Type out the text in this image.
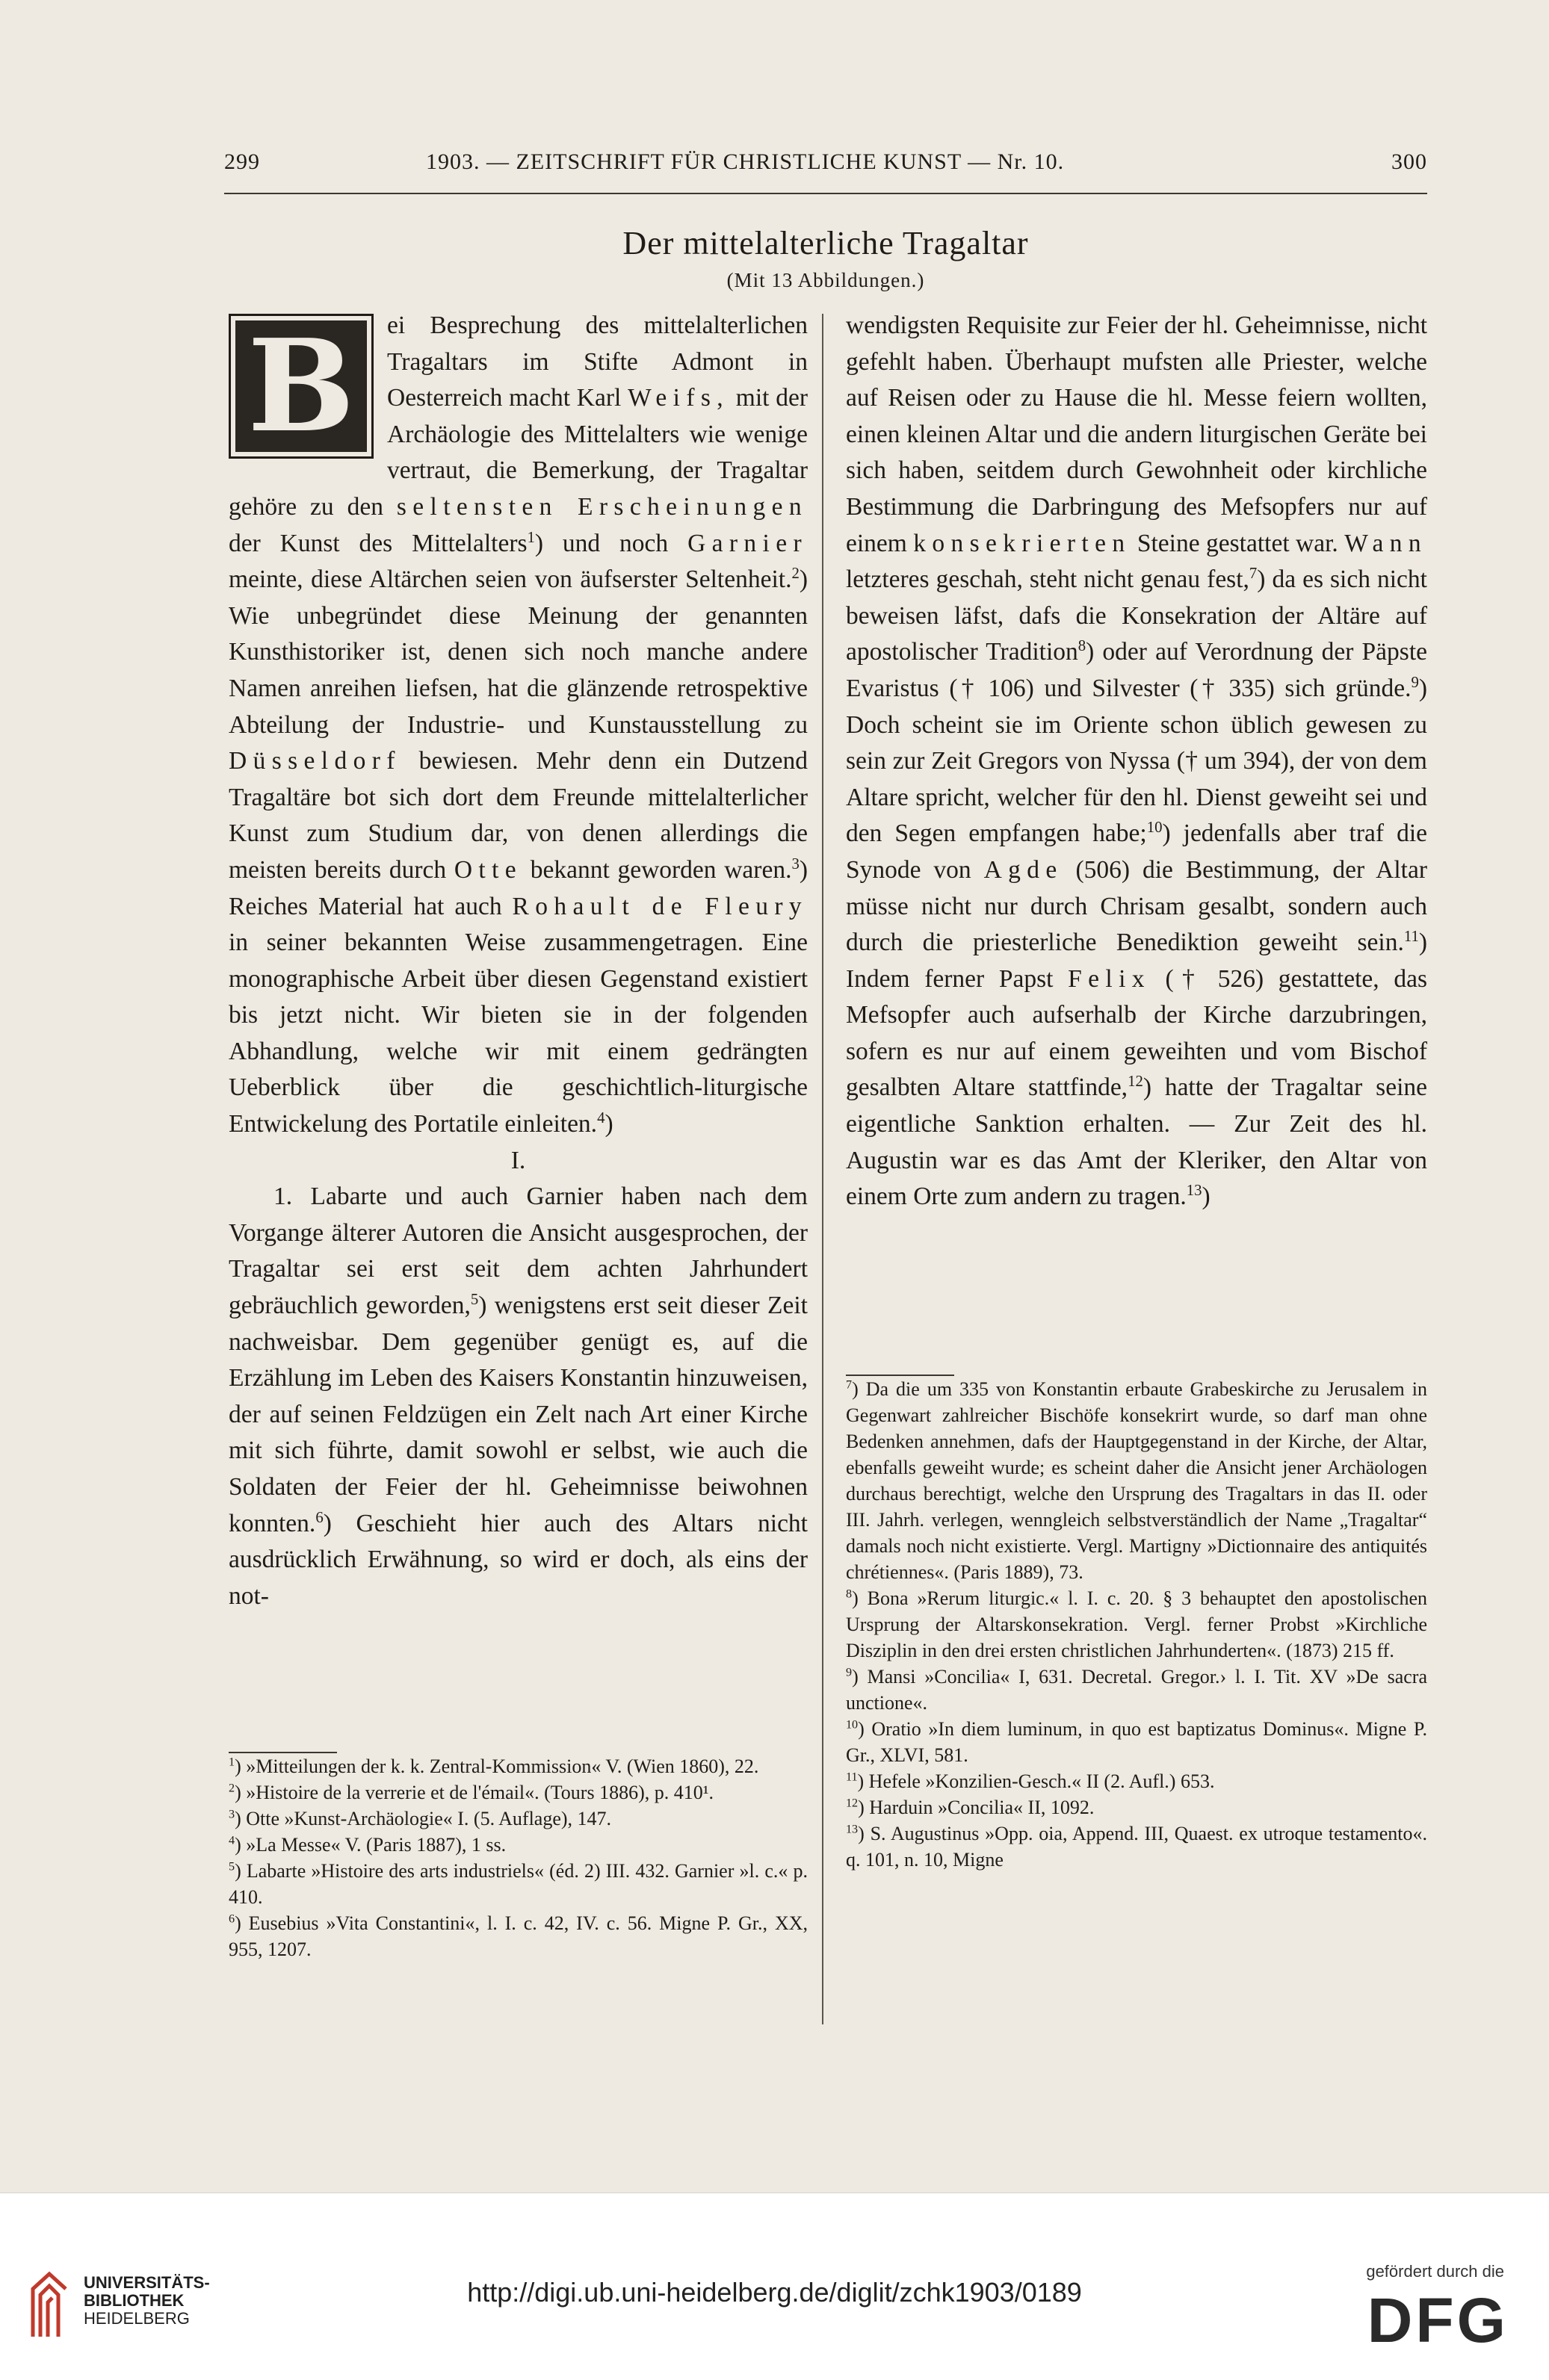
299	1903. — ZEITSCHRIFT FÜR CHRISTLICHE KUNST — Nr. 10.	300
Der mittelalterliche Tragaltar
(Mit 13 Abbildungen.)

B	ei Besprechung des mittelalterlichen Tragaltars im Stifte Admont in Oesterreich macht Karl Weifs, mit der Archäologie des Mittelalters wie wenige vertraut, die Bemerkung, der Tragaltar gehöre zu den seltensten Erscheinungen der Kunst des Mittelalters$^1$) und noch Garnier meinte, diese Altärchen seien von äufserster Seltenheit.$^2$) Wie unbegründet diese Meinung der genannten Kunsthistoriker ist, denen sich noch manche andere Namen anreihen liefsen, hat die glänzende retrospektive Abteilung der Industrie- und Kunstausstellung zu Düsseldorf bewiesen. Mehr denn ein Dutzend Tragaltäre bot sich dort dem Freunde mittelalterlicher Kunst zum Studium dar, von denen allerdings die meisten bereits durch Otte bekannt geworden waren.$^3$) Reiches Material hat auch Rohault de Fleury in seiner bekannten Weise zusammengetragen. Eine monographische Arbeit über diesen Gegenstand existiert bis jetzt nicht. Wir bieten sie in der folgenden Abhandlung, welche wir mit einem gedrängten Ueberblick über die geschichtlich-liturgische Entwickelung des Portatile einleiten.$^4$)

I.

1. Labarte und auch Garnier haben nach dem Vorgange älterer Autoren die Ansicht ausgesprochen, der Tragaltar sei erst seit dem achten Jahrhundert gebräuchlich geworden,$^5$) wenigstens erst seit dieser Zeit nachweisbar. Dem gegenüber genügt es, auf die Erzählung im Leben des Kaisers Konstantin hinzuweisen, der auf seinen Feldzügen ein Zelt nach Art einer Kirche mit sich führte, damit sowohl er selbst, wie auch die Soldaten der Feier der hl. Geheimnisse beiwohnen konnten.$^6$) Geschieht hier auch des Altars nicht ausdrücklich Erwähnung, so wird er doch, als eins der not-

wendigsten Requisite zur Feier der hl. Geheimnisse, nicht gefehlt haben. Überhaupt mufsten alle Priester, welche auf Reisen oder zu Hause die hl. Messe feiern wollten, einen kleinen Altar und die andern liturgischen Geräte bei sich haben, seitdem durch Gewohnheit oder kirchliche Bestimmung die Darbringung des Mefsopfers nur auf einem konsekrierten Steine gestattet war. Wann letzteres geschah, steht nicht genau fest,$^7$) da es sich nicht beweisen läfst, dafs die Konsekration der Altäre auf apostolischer Tradition$^8$) oder auf Verordnung der Päpste Evaristus († 106) und Silvester († 335) sich gründe.$^9$) Doch scheint sie im Oriente schon üblich gewesen zu sein zur Zeit Gregors von Nyssa († um 394), der von dem Altare spricht, welcher für den hl. Dienst geweiht sei und den Segen empfangen habe;$^{10}$) jedenfalls aber traf die Synode von Agde (506) die Bestimmung, der Altar müsse nicht nur durch Chrisam gesalbt, sondern auch durch die priesterliche Benediktion geweiht sein.$^{11}$) Indem ferner Papst Felix († 526) gestattete, das Mefsopfer auch aufserhalb der Kirche darzubringen, sofern es nur auf einem geweihten und vom Bischof gesalbten Altare stattfinde,$^{12}$) hatte der Tragaltar seine eigentliche Sanktion erhalten. — Zur Zeit des hl. Augustin war es das Amt der Kleriker, den Altar von einem Orte zum andern zu tragen.$^{13}$)

$^1$) »Mitteilungen der k. k. Zentral-Kommission« V. (Wien 1860), 22.
$^2$) »Histoire de la verrerie et de l'émail«. (Tours 1886), p. 410¹.
$^3$) Otte »Kunst-Archäologie« I. (5. Auflage), 147.
$^4$) »La Messe« V. (Paris 1887), 1 ss.
$^5$) Labarte »Histoire des arts industriels« (éd. 2) III. 432. Garnier »l. c.« p. 410.
$^6$) Eusebius »Vita Constantini«, l. I. c. 42, IV. c. 56. Migne P. Gr., XX, 955, 1207.
$^7$) Da die um 335 von Konstantin erbaute Grabeskirche zu Jerusalem in Gegenwart zahlreicher Bischöfe konsekrirt wurde, so darf man ohne Bedenken annehmen, dafs der Hauptgegenstand in der Kirche, der Altar, ebenfalls geweiht wurde; es scheint daher die Ansicht jener Archäologen durchaus berechtigt, welche den Ursprung des Tragaltars in das II. oder III. Jahrh. verlegen, wenngleich selbstverständlich der Name „Tragaltar“ damals noch nicht existierte. Vergl. Martigny »Dictionnaire des antiquités chrétiennes«. (Paris 1889), 73.
$^8$) Bona »Rerum liturgic.« l. I. c. 20. § 3 behauptet den apostolischen Ursprung der Altarskonsekration. Vergl. ferner Probst »Kirchliche Disziplin in den drei ersten christlichen Jahrhunderten«. (1873) 215 ff.
$^9$) Mansi »Concilia« I, 631. Decretal. Gregor.› l. I. Tit. XV »De sacra unctione«.
$^{10}$) Oratio »In diem luminum, in quo est baptizatus Dominus«. Migne P. Gr., XLVI, 581.
$^{11}$) Hefele »Konzilien-Gesch.« II (2. Aufl.) 653.
$^{12}$) Harduin »Concilia« II, 1092.
$^{13}$) S. Augustinus »Opp. oia, Append. III, Quaest. ex utroque testamento«. q. 101, n. 10, Migne
UNIVERSITÄTS-
BIBLIOTHEK
HEIDELBERG
http://digi.ub.uni-heidelberg.de/diglit/zchk1903/0189
gefördert durch die
DFG
